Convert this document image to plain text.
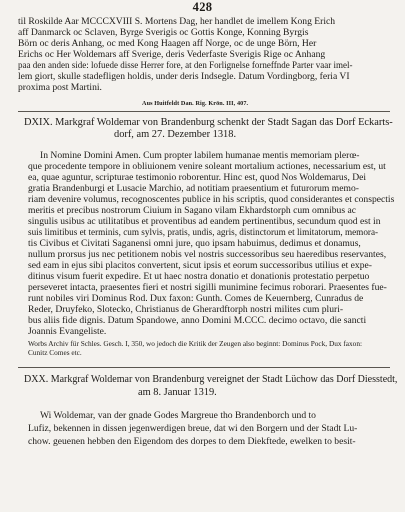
428
til Roskilde Aar MCCCXVIII S. Mortens Dag, her handlet de imellem Kong Erich
aff Danmarck oc Sclaven, Byrge Sverigis oc Gottis Konge, Konning Byrgis
Börn oc deris Anhang, oc med Kong Haagen aff Norge, oc de unge Börn, Her
Erichs oc Her Woldemars aff Sverige, deris Vederfaste Sverigis Rige oc Anhang
paa den anden side: lofuede disse Herrer fore, at den Forlignelse forneffnde Parter vaar imel-
lem giort, skulle stadefligen holdis, under deris Indsegle. Datum Vordingborg, feria VI
proxima post Martini.
Aus Huitfeldt Dan. Rig. Krön. III, 407.
DXIX. Markgraf Woldemar von Brandenburg schenkt der Stadt Sagan das Dorf Eckarts-
dorf, am 27. Dezember 1318.
In Nomine Domini Amen. Cum propter labilem humanae mentis memoriam plerœ-
que procedente tempore in obliuionem venire soleant mortalium actiones, necessarium est, ut
ea, quae aguntur, scripturae testimonio roborentur. Hinc est, quod Nos Woldemarus, Dei
gratia Brandenburgi et Lusacie Marchio, ad notitiam praesentium et futurorum memo-
riam devenire volumus, recognoscentes publice in his scriptis, quod considerantes et conspectis
meritis et precibus nostrorum Ciuium in Sagano vilam Ekhardstorph cum omnibus ac
singulis usibus ac utilitatibus et proventibus ad eandem pertinentibus, secundum quod est in
suis limitibus et terminis, cum sylvis, pratis, undis, agris, distinctorum et limitatorum, memora-
tis Civibus et Civitati Saganensi omni jure, quo ipsam habuimus, dedimus et donamus,
nullum prorsus jus nec petitionem nobis vel nostris successoribus seu haeredibus reservantes,
sed eam in ejus sibi placitos convertent, sicut ipsis et eorum successoribus utilius et expe-
ditinus visum fuerit expedire. Et ut haec nostra donatio et donationis protestatio perpetuo
perseveret intacta, praesentes fieri et nostri sigilli munimine fecimus roborari. Praesentes fue-
runt nobiles viri Dominus Rod. Dux faxon: Gunth. Comes de Keuernberg, Cunradus de
Reder, Druyfeko, Slotecko, Christianus de Gherardftorph nostri milites cum pluri-
bus aliis fide dignis. Datum Spandowe, anno Domini M.CCC. decimo octavo, die sancti
Joannis Evangeliste.
Worbs Archiv für Schles. Gesch. I, 350, wo jedoch die Kritik der Zeugen also beginnt: Dominus Pock, Dux faxon:
Cunitz Comes etc.
DXX. Markgraf Woldemar von Brandenburg vereignet der Stadt Lüchow das Dorf Diesstedt,
am 8. Januar 1319.
Wi Woldemar, van der gnade Godes Margreue tho Brandenborch und to
Lufiz, bekennen in dissen jegenwerdigen breue, dat wi den Borgern und der Stadt Lu-
chow. geuenen hebben den Eigendom des dorpes to dem Diekftede, ewelken to besit-
